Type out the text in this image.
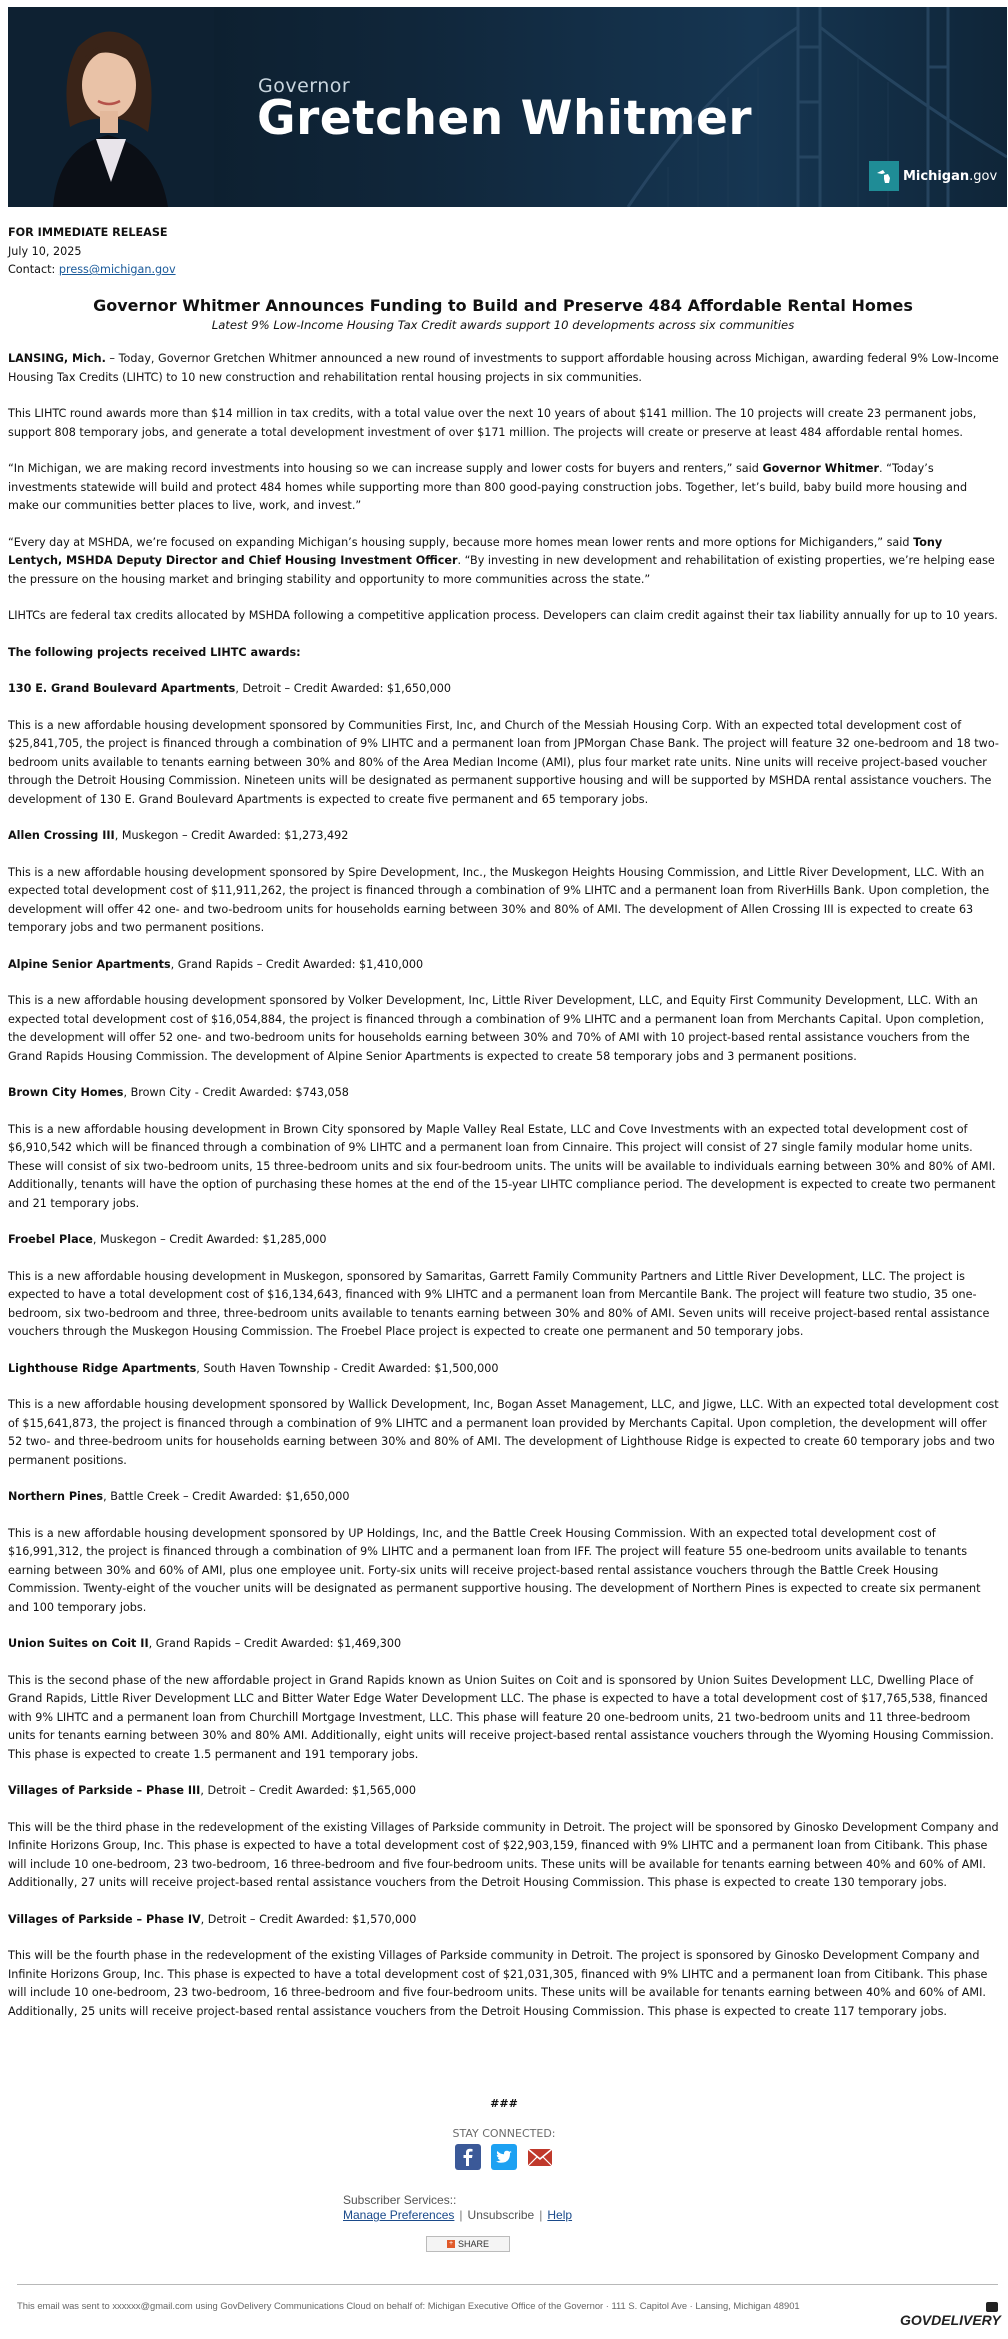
Governor
Gretchen Whitmer
Michigan.gov
FOR IMMEDIATE RELEASE
July 10, 2025
Contact: press@michigan.gov
Governor Whitmer Announces Funding to Build and Preserve 484 Affordable Rental Homes
Latest 9% Low-Income Housing Tax Credit awards support 10 developments across six communities

LANSING, Mich. – Today, Governor Gretchen Whitmer announced a new round of investments to support affordable housing across Michigan, awarding federal 9% Low-Income Housing Tax Credits (LIHTC) to 10 new construction and rehabilitation rental housing projects in six communities.

This LIHTC round awards more than $14 million in tax credits, with a total value over the next 10 years of about $141 million. The 10 projects will create 23 permanent jobs, support 808 temporary jobs, and generate a total development investment of over $171 million. The projects will create or preserve at least 484 affordable rental homes.

“In Michigan, we are making record investments into housing so we can increase supply and lower costs for buyers and renters,” said Governor Whitmer. “Today’s investments statewide will build and protect 484 homes while supporting more than 800 good-paying construction jobs. Together, let’s build, baby build more housing and make our communities better places to live, work, and invest.”

“Every day at MSHDA, we’re focused on expanding Michigan’s housing supply, because more homes mean lower rents and more options for Michiganders,” said Tony Lentych, MSHDA Deputy Director and Chief Housing Investment Officer. “By investing in new development and rehabilitation of existing properties, we’re helping ease the pressure on the housing market and bringing stability and opportunity to more communities across the state.”

LIHTCs are federal tax credits allocated by MSHDA following a competitive application process. Developers can claim credit against their tax liability annually for up to 10 years.

The following projects received LIHTC awards:

130 E. Grand Boulevard Apartments, Detroit – Credit Awarded: $1,650,000

This is a new affordable housing development sponsored by Communities First, Inc, and Church of the Messiah Housing Corp. With an expected total development cost of $25,841,705, the project is financed through a combination of 9% LIHTC and a permanent loan from JPMorgan Chase Bank. The project will feature 32 one-bedroom and 18 two-bedroom units available to tenants earning between 30% and 80% of the Area Median Income (AMI), plus four market rate units. Nine units will receive project-based voucher through the Detroit Housing Commission. Nineteen units will be designated as permanent supportive housing and will be supported by MSHDA rental assistance vouchers. The development of 130 E. Grand Boulevard Apartments is expected to create five permanent and 65 temporary jobs.

Allen Crossing III, Muskegon – Credit Awarded: $1,273,492

This is a new affordable housing development sponsored by Spire Development, Inc., the Muskegon Heights Housing Commission, and Little River Development, LLC. With an expected total development cost of $11,911,262, the project is financed through a combination of 9% LIHTC and a permanent loan from RiverHills Bank. Upon completion, the development will offer 42 one- and two-bedroom units for households earning between 30% and 80% of AMI. The development of Allen Crossing III is expected to create 63 temporary jobs and two permanent positions.

Alpine Senior Apartments, Grand Rapids – Credit Awarded: $1,410,000

This is a new affordable housing development sponsored by Volker Development, Inc, Little River Development, LLC, and Equity First Community Development, LLC. With an expected total development cost of $16,054,884, the project is financed through a combination of 9% LIHTC and a permanent loan from Merchants Capital. Upon completion, the development will offer 52 one- and two-bedroom units for households earning between 30% and 70% of AMI with 10 project-based rental assistance vouchers from the Grand Rapids Housing Commission. The development of Alpine Senior Apartments is expected to create 58 temporary jobs and 3 permanent positions.

Brown City Homes, Brown City - Credit Awarded: $743,058

This is a new affordable housing development in Brown City sponsored by Maple Valley Real Estate, LLC and Cove Investments with an expected total development cost of $6,910,542 which will be financed through a combination of 9% LIHTC and a permanent loan from Cinnaire. This project will consist of 27 single family modular home units. These will consist of six two-bedroom units, 15 three-bedroom units and six four-bedroom units. The units will be available to individuals earning between 30% and 80% of AMI. Additionally, tenants will have the option of purchasing these homes at the end of the 15-year LIHTC compliance period. The development is expected to create two permanent and 21 temporary jobs.

Froebel Place, Muskegon – Credit Awarded: $1,285,000

This is a new affordable housing development in Muskegon, sponsored by Samaritas, Garrett Family Community Partners and Little River Development, LLC. The project is expected to have a total development cost of $16,134,643, financed with 9% LIHTC and a permanent loan from Mercantile Bank. The project will feature two studio, 35 one-bedroom, six two-bedroom and three, three-bedroom units available to tenants earning between 30% and 80% of AMI. Seven units will receive project-based rental assistance vouchers through the Muskegon Housing Commission. The Froebel Place project is expected to create one permanent and 50 temporary jobs.

Lighthouse Ridge Apartments, South Haven Township - Credit Awarded: $1,500,000

This is a new affordable housing development sponsored by Wallick Development, Inc, Bogan Asset Management, LLC, and Jigwe, LLC. With an expected total development cost of $15,641,873, the project is financed through a combination of 9% LIHTC and a permanent loan provided by Merchants Capital. Upon completion, the development will offer 52 two- and three-bedroom units for households earning between 30% and 80% of AMI. The development of Lighthouse Ridge is expected to create 60 temporary jobs and two permanent positions.

Northern Pines, Battle Creek – Credit Awarded: $1,650,000

This is a new affordable housing development sponsored by UP Holdings, Inc, and the Battle Creek Housing Commission. With an expected total development cost of $16,991,312, the project is financed through a combination of 9% LIHTC and a permanent loan from IFF. The project will feature 55 one-bedroom units available to tenants earning between 30% and 60% of AMI, plus one employee unit. Forty-six units will receive project-based rental assistance vouchers through the Battle Creek Housing Commission. Twenty-eight of the voucher units will be designated as permanent supportive housing. The development of Northern Pines is expected to create six permanent and 100 temporary jobs.

Union Suites on Coit II, Grand Rapids – Credit Awarded: $1,469,300

This is the second phase of the new affordable project in Grand Rapids known as Union Suites on Coit and is sponsored by Union Suites Development LLC, Dwelling Place of Grand Rapids, Little River Development LLC and Bitter Water Edge Water Development LLC. The phase is expected to have a total development cost of $17,765,538, financed with 9% LIHTC and a permanent loan from Churchill Mortgage Investment, LLC. This phase will feature 20 one-bedroom units, 21 two-bedroom units and 11 three-bedroom units for tenants earning between 30% and 80% AMI. Additionally, eight units will receive project-based rental assistance vouchers through the Wyoming Housing Commission. This phase is expected to create 1.5 permanent and 191 temporary jobs.

Villages of Parkside – Phase III, Detroit – Credit Awarded: $1,565,000

This will be the third phase in the redevelopment of the existing Villages of Parkside community in Detroit. The project will be sponsored by Ginosko Development Company and Infinite Horizons Group, Inc. This phase is expected to have a total development cost of $22,903,159, financed with 9% LIHTC and a permanent loan from Citibank. This phase will include 10 one-bedroom, 23 two-bedroom, 16 three-bedroom and five four-bedroom units. These units will be available for tenants earning between 40% and 60% of AMI. Additionally, 27 units will receive project-based rental assistance vouchers from the Detroit Housing Commission. This phase is expected to create 130 temporary jobs.

Villages of Parkside – Phase IV, Detroit – Credit Awarded: $1,570,000

This will be the fourth phase in the redevelopment of the existing Villages of Parkside community in Detroit. The project is sponsored by Ginosko Development Company and Infinite Horizons Group, Inc. This phase is expected to have a total development cost of $21,031,305, financed with 9% LIHTC and a permanent loan from Citibank. This phase will include 10 one-bedroom, 23 two-bedroom, 16 three-bedroom and five four-bedroom units. These units will be available for tenants earning between 40% and 60% of AMI. Additionally, 25 units will receive project-based rental assistance vouchers from the Detroit Housing Commission. This phase is expected to create 117 temporary jobs.

###
STAY CONNECTED:
Subscriber Services::
Manage Preferences | Unsubscribe | Help
+ SHARE
This email was sent to xxxxxx@gmail.com using GovDelivery Communications Cloud on behalf of: Michigan Executive Office of the Governor · 111 S. Capitol Ave · Lansing, Michigan 48901
GOVDELIVERY
